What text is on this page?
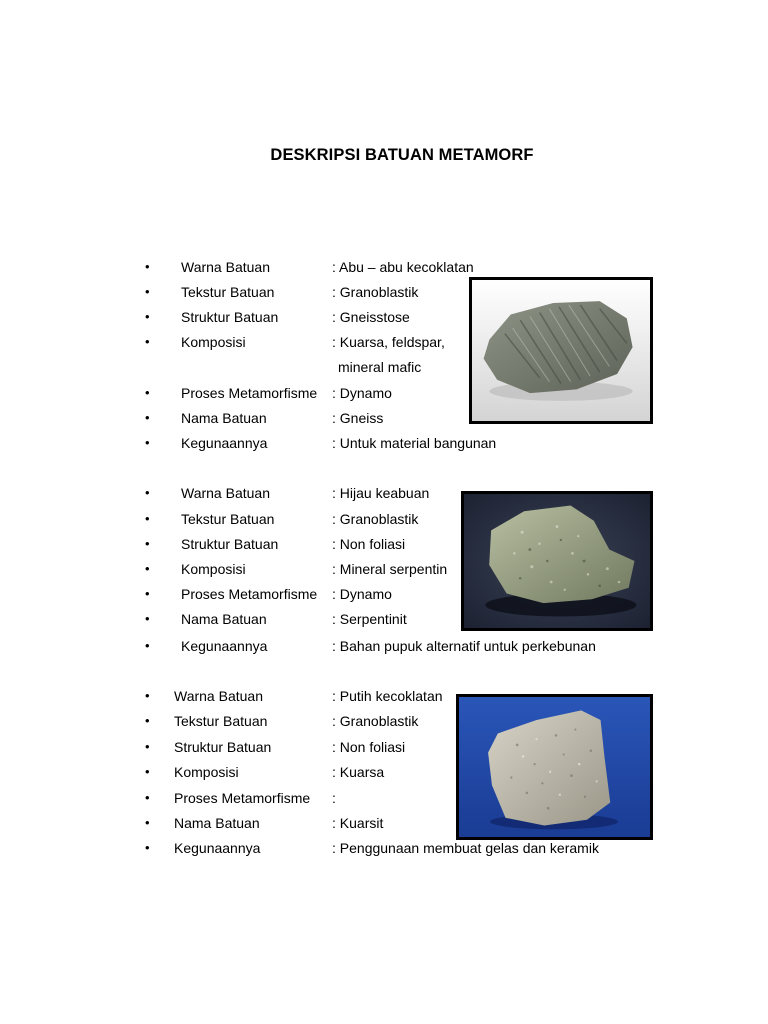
DESKRIPSI BATUAN METAMORF
• Warna Batuan	: Abu – abu kecoklatan
• Tekstur Batuan	: Granoblastik
• Struktur Batuan	: Gneisstose
• Komposisi	: Kuarsa, feldspar,
mineral mafic
• Proses Metamorfisme : Dynamo
• Nama Batuan	: Gneiss
• Kegunaannya	: Untuk material bangunan
• Warna Batuan	: Hijau keabuan
• Tekstur Batuan	: Granoblastik
• Struktur Batuan	: Non foliasi
• Komposisi	: Mineral serpentin
• Proses Metamorfisme : Dynamo
• Nama Batuan	: Serpentinit
• Kegunaannya	: Bahan pupuk alternatif untuk perkebunan
• Warna Batuan	: Putih kecoklatan
• Tekstur Batuan	: Granoblastik
• Struktur Batuan	: Non foliasi
• Komposisi	: Kuarsa
• Proses Metamorfisme :
• Nama Batuan	: Kuarsit
• Kegunaannya	: Penggunaan membuat gelas dan keramik
